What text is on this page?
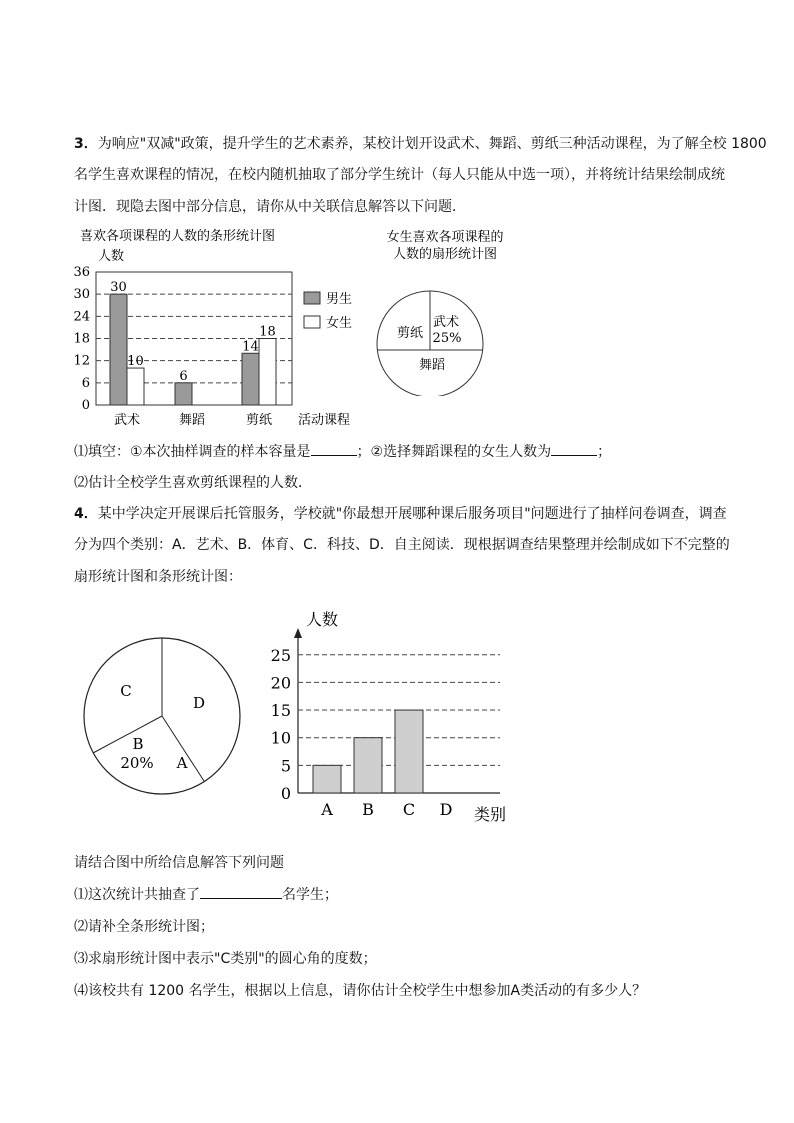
3．为响应"双减"政策，提升学生的艺术素养，某校计划开设武术、舞蹈、剪纸三种活动课程，为了解全校 1800
名学生喜欢课程的情况，在校内随机抽取了部分学生统计（每人只能从中选一项），并将统计结果绘制成统
计图．现隐去图中部分信息，请你从中关联信息解答以下问题．
喜欢各项课程的人数的条形统计图
人数
0
6
12
18
24
30
36
30
10
武术
6
舞蹈
14
18
剪纸 活动课程
男生
女生
女生喜欢各项课程的
人数的扇形统计图
武术
25%
剪纸
舞蹈
⑴填空：①本次抽样调查的样本容量是	；②选择舞蹈课程的女生人数为	；
⑵估计全校学生喜欢剪纸课程的人数．
4．某中学决定开展课后托管服务，学校就"你最想开展哪种课后服务项目"问题进行了抽样问卷调查，调查
分为四个类别：A．艺术、B．体育、C．科技、D．自主阅读．现根据调查结果整理并绘制成如下不完整的
扇形统计图和条形统计图：
C
D
A
B
20%
人数
0
5
10
15
20
25
A B C D 类别
请结合图中所给信息解答下列问题
⑴这次统计共抽查了	名学生；
⑵请补全条形统计图；
⑶求扇形统计图中表示"C类别"的圆心角的度数；
⑷该校共有 1200 名学生，根据以上信息，请你估计全校学生中想参加A类活动的有多少人？
